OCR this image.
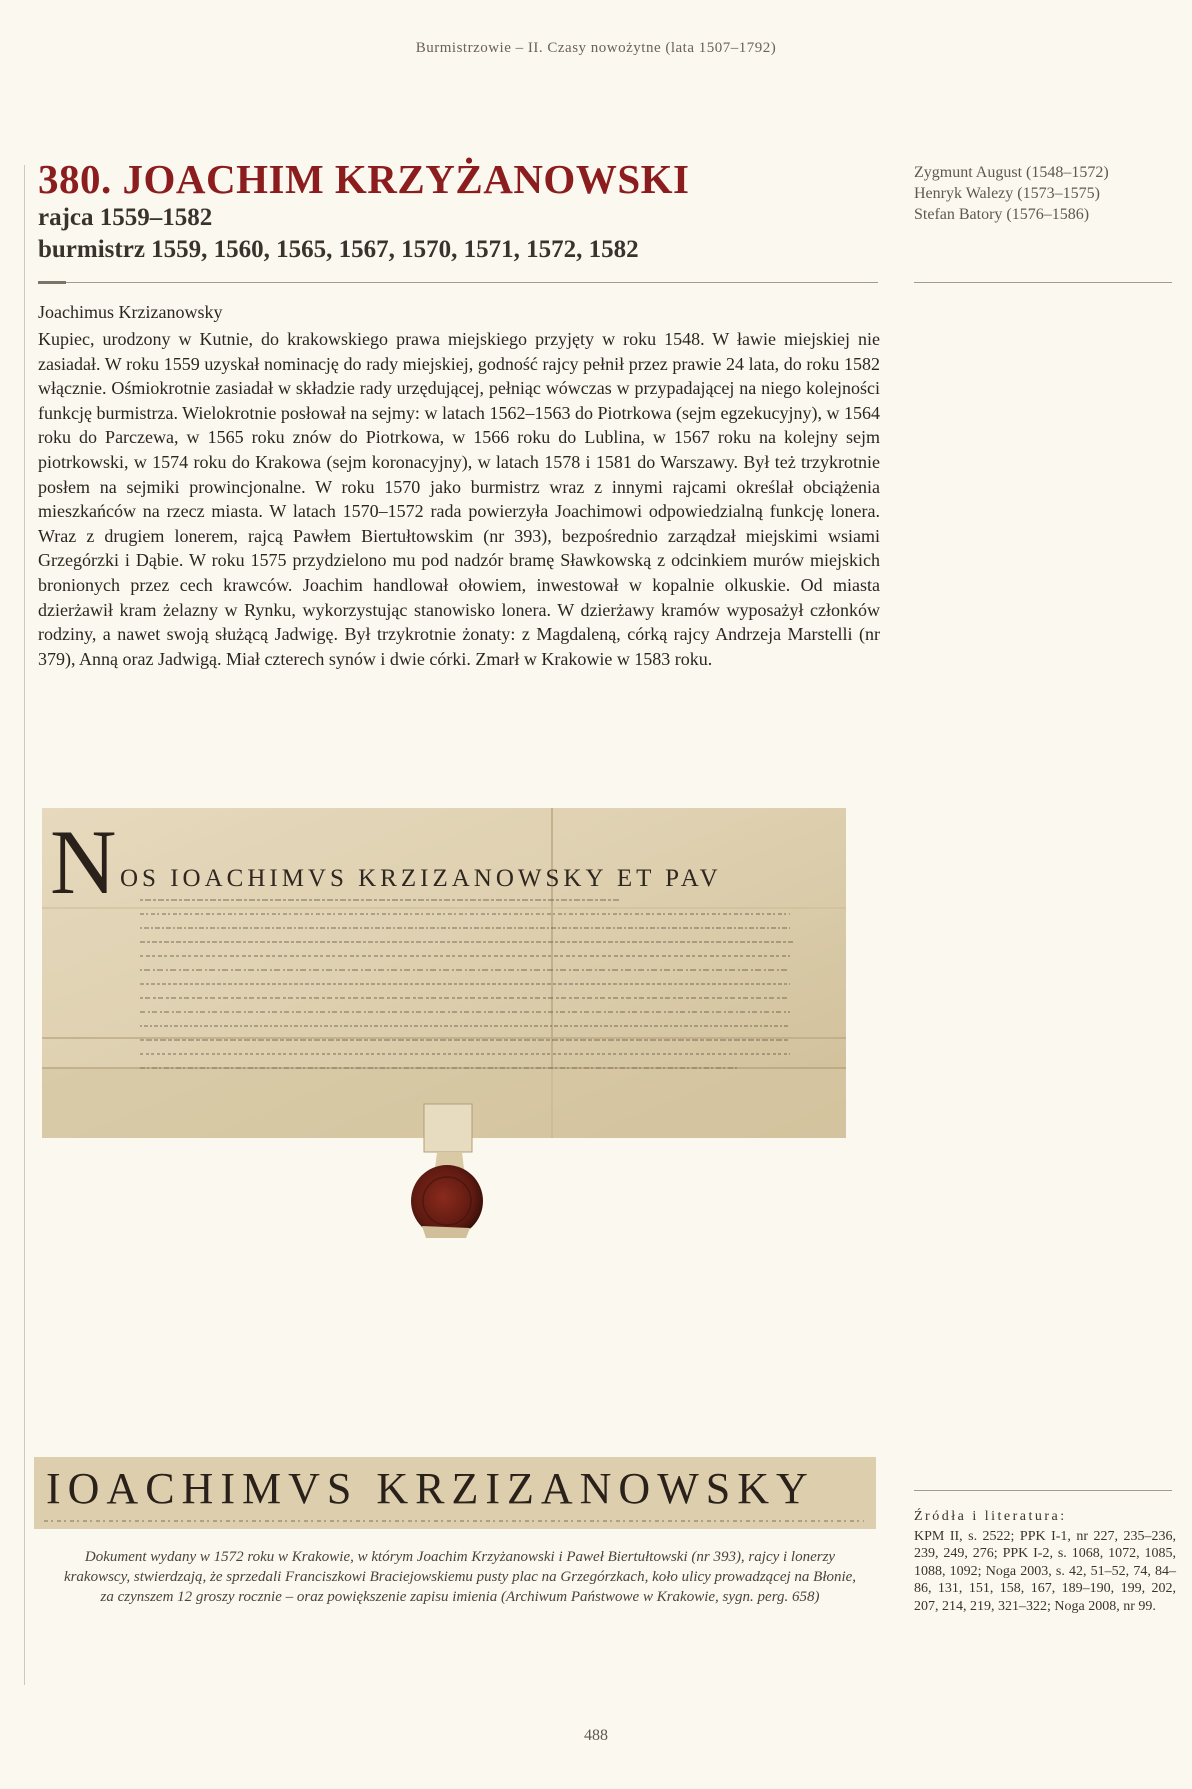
Burmistrzowie – II. Czasy nowożytne (lata 1507–1792)
380. JOACHIM KRZYŻANOWSKI

rajca 1559–1582

burmistrz 1559, 1560, 1565, 1567, 1570, 1571, 1572, 1582

Zygmunt August (1548–1572)
Henryk Walezy (1573–1575)
Stefan Batory (1576–1586)

Joachimus Krzizanowsky

Kupiec, urodzony w Kutnie, do krakowskiego prawa miejskiego przyjęty w roku 1548. W ławie miejskiej nie zasiadał. W roku 1559 uzyskał nominację do rady miejskiej, godność rajcy pełnił przez prawie 24 lata, do roku 1582 włącznie. Ośmiokrotnie zasiadał w składzie rady urzędującej, pełniąc wówczas w przypadającej na niego kolejności funkcję burmistrza. Wielokrotnie posłował na sejmy: w latach 1562–1563 do Piotrkowa (sejm egzekucyjny), w 1564 roku do Parczewa, w 1565 roku znów do Piotrkowa, w 1566 roku do Lublina, w 1567 roku na kolejny sejm piotrkowski, w 1574 roku do Krakowa (sejm koronacyjny), w latach 1578 i 1581 do Warszawy. Był też trzykrotnie posłem na sejmiki prowincjonalne. W roku 1570 jako burmistrz wraz z innymi rajcami określał obciążenia mieszkańców na rzecz miasta. W latach 1570–1572 rada powierzyła Joachimowi odpowiedzialną funkcję lonera. Wraz z drugiem lonerem, rajcą Pawłem Biertułtowskim (nr 393), bezpośrednio zarządzał miejskimi wsiami Grzegórzki i Dąbie. W roku 1575 przydzielono mu pod nadzór bramę Sławkowską z odcinkiem murów miejskich bronionych przez cech krawców. Joachim handlował ołowiem, inwestował w kopalnie olkuskie. Od miasta dzierżawił kram żelazny w Rynku, wykorzystując stanowisko lonera. W dzierżawy kramów wyposażył członków rodziny, a nawet swoją służącą Jadwigę. Był trzykrotnie żonaty: z Magdaleną, córką rajcy Andrzeja Marstelli (nr 379), Anną oraz Jadwigą. Miał czterech synów i dwie córki. Zmarł w Krakowie w 1583 roku.

N OS IOACHIMVS KRZIZANOWSKY ET PAV
IOACHIMVS KRZIZANOWSKY
Dokument wydany w 1572 roku w Krakowie, w którym Joachim Krzyżanowski i Paweł Biertułtowski (nr 393), rajcy i lonerzy krakowscy, stwierdzają, że sprzedali Franciszkowi Braciejowskiemu pusty plac na Grzegórzkach, koło ulicy prowadzącej na Błonie, za czynszem 12 groszy rocznie – oraz powiększenie zapisu imienia (Archiwum Państwowe w Krakowie, sygn. perg. 658)
Źródła i literatura:
KPM II, s. 2522; PPK I-1, nr 227, 235–236, 239, 249, 276; PPK I-2, s. 1068, 1072, 1085, 1088, 1092; Noga 2003, s. 42, 51–52, 74, 84–86, 131, 151, 158, 167, 189–190, 199, 202, 207, 214, 219, 321–322; Noga 2008, nr 99.
488
